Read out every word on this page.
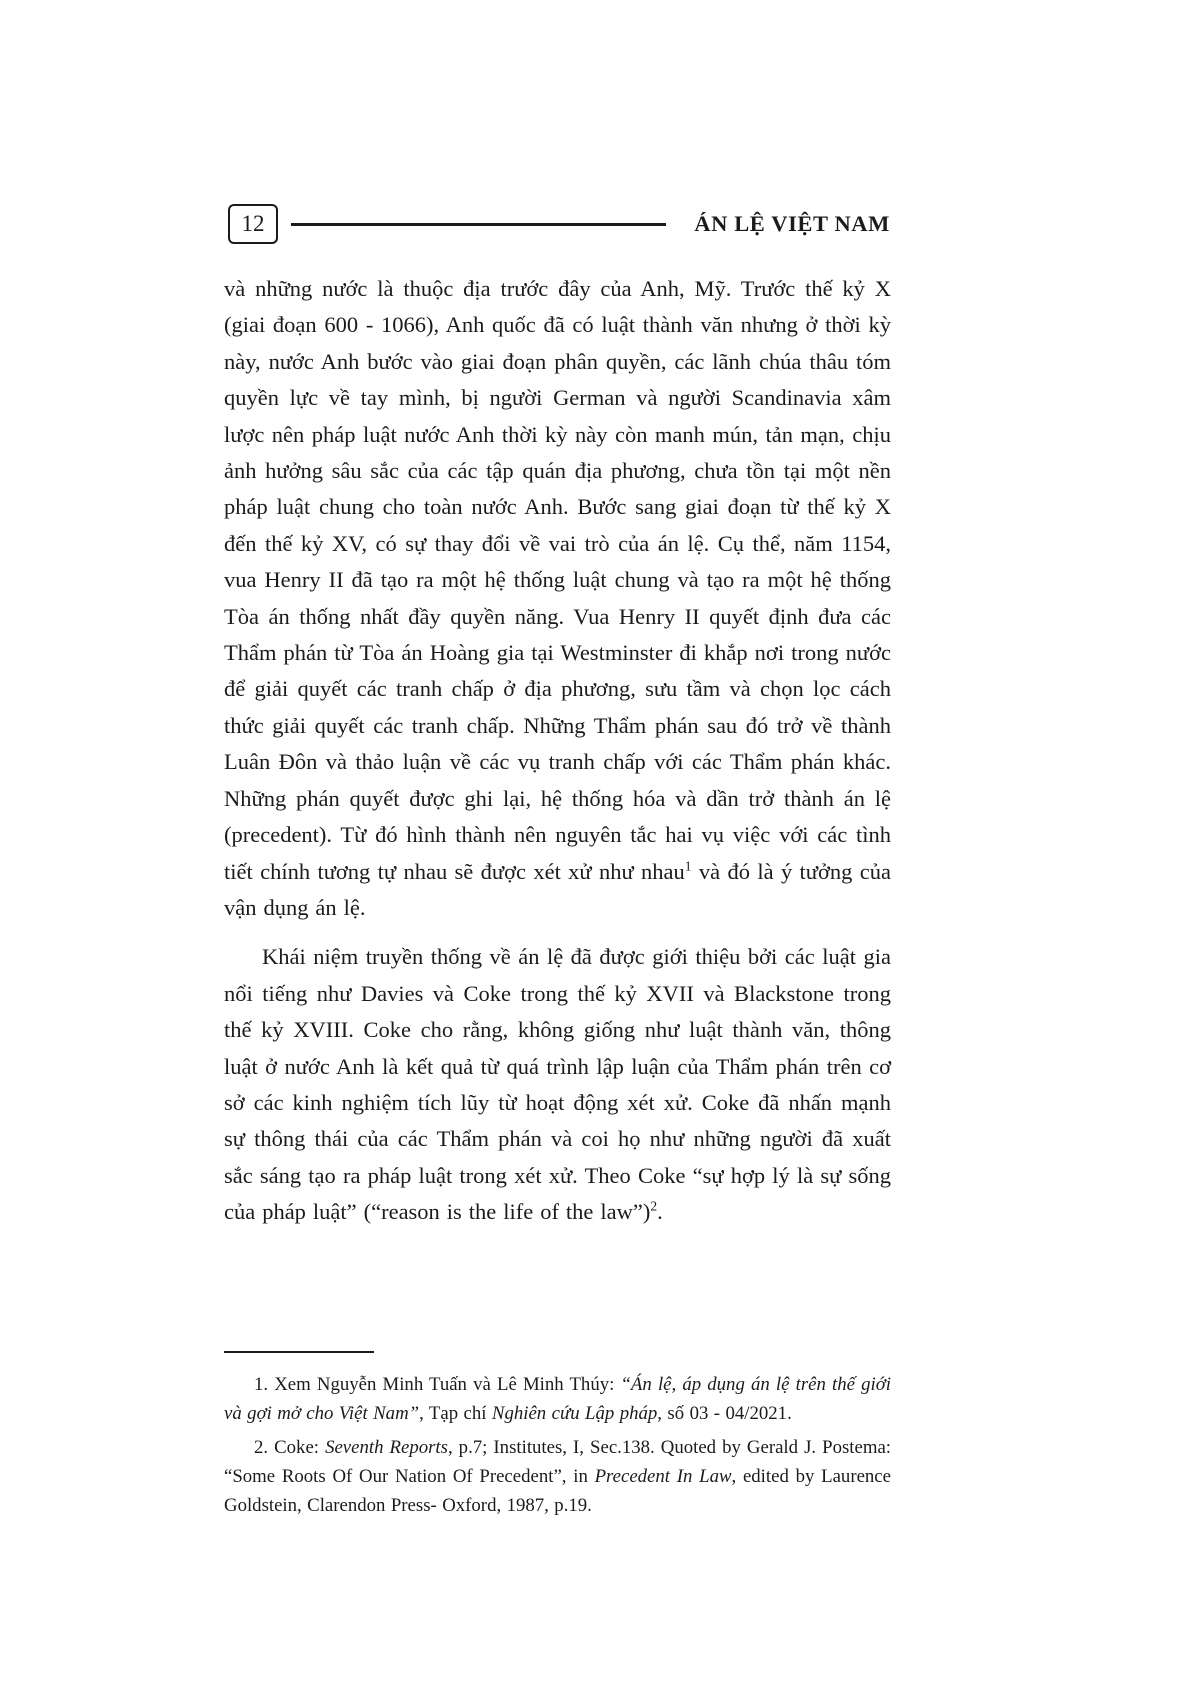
12	ÁN LỆ VIỆT NAM

và những nước là thuộc địa trước đây của Anh, Mỹ. Trước thế kỷ X (giai đoạn 600 - 1066), Anh quốc đã có luật thành văn nhưng ở thời kỳ này, nước Anh bước vào giai đoạn phân quyền, các lãnh chúa thâu tóm quyền lực về tay mình, bị người German và người Scandinavia xâm lược nên pháp luật nước Anh thời kỳ này còn manh mún, tản mạn, chịu ảnh hưởng sâu sắc của các tập quán địa phương, chưa tồn tại một nền pháp luật chung cho toàn nước Anh. Bước sang giai đoạn từ thế kỷ X đến thế kỷ XV, có sự thay đổi về vai trò của án lệ. Cụ thể, năm 1154, vua Henry II đã tạo ra một hệ thống luật chung và tạo ra một hệ thống Tòa án thống nhất đầy quyền năng. Vua Henry II quyết định đưa các Thẩm phán từ Tòa án Hoàng gia tại Westminster đi khắp nơi trong nước để giải quyết các tranh chấp ở địa phương, sưu tầm và chọn lọc cách thức giải quyết các tranh chấp. Những Thẩm phán sau đó trở về thành Luân Đôn và thảo luận về các vụ tranh chấp với các Thẩm phán khác. Những phán quyết được ghi lại, hệ thống hóa và dần trở thành án lệ (precedent). Từ đó hình thành nên nguyên tắc hai vụ việc với các tình tiết chính tương tự nhau sẽ được xét xử như nhau$^1$ và đó là ý tưởng của vận dụng án lệ.

Khái niệm truyền thống về án lệ đã được giới thiệu bởi các luật gia nổi tiếng như Davies và Coke trong thế kỷ XVII và Blackstone trong thế kỷ XVIII. Coke cho rằng, không giống như luật thành văn, thông luật ở nước Anh là kết quả từ quá trình lập luận của Thẩm phán trên cơ sở các kinh nghiệm tích lũy từ hoạt động xét xử. Coke đã nhấn mạnh sự thông thái của các Thẩm phán và coi họ như những người đã xuất sắc sáng tạo ra pháp luật trong xét xử. Theo Coke “sự hợp lý là sự sống của pháp luật” (“reason is the life of the law”)$^2$.

1. Xem Nguyễn Minh Tuấn và Lê Minh Thúy: “Án lệ, áp dụng án lệ trên thế giới và gợi mở cho Việt Nam”, Tạp chí Nghiên cứu Lập pháp, số 03 - 04/2021.

2. Coke: Seventh Reports, p.7; Institutes, I, Sec.138. Quoted by Gerald J. Postema: “Some Roots Of Our Nation Of Precedent”, in Precedent In Law, edited by Laurence Goldstein, Clarendon Press- Oxford, 1987, p.19.
